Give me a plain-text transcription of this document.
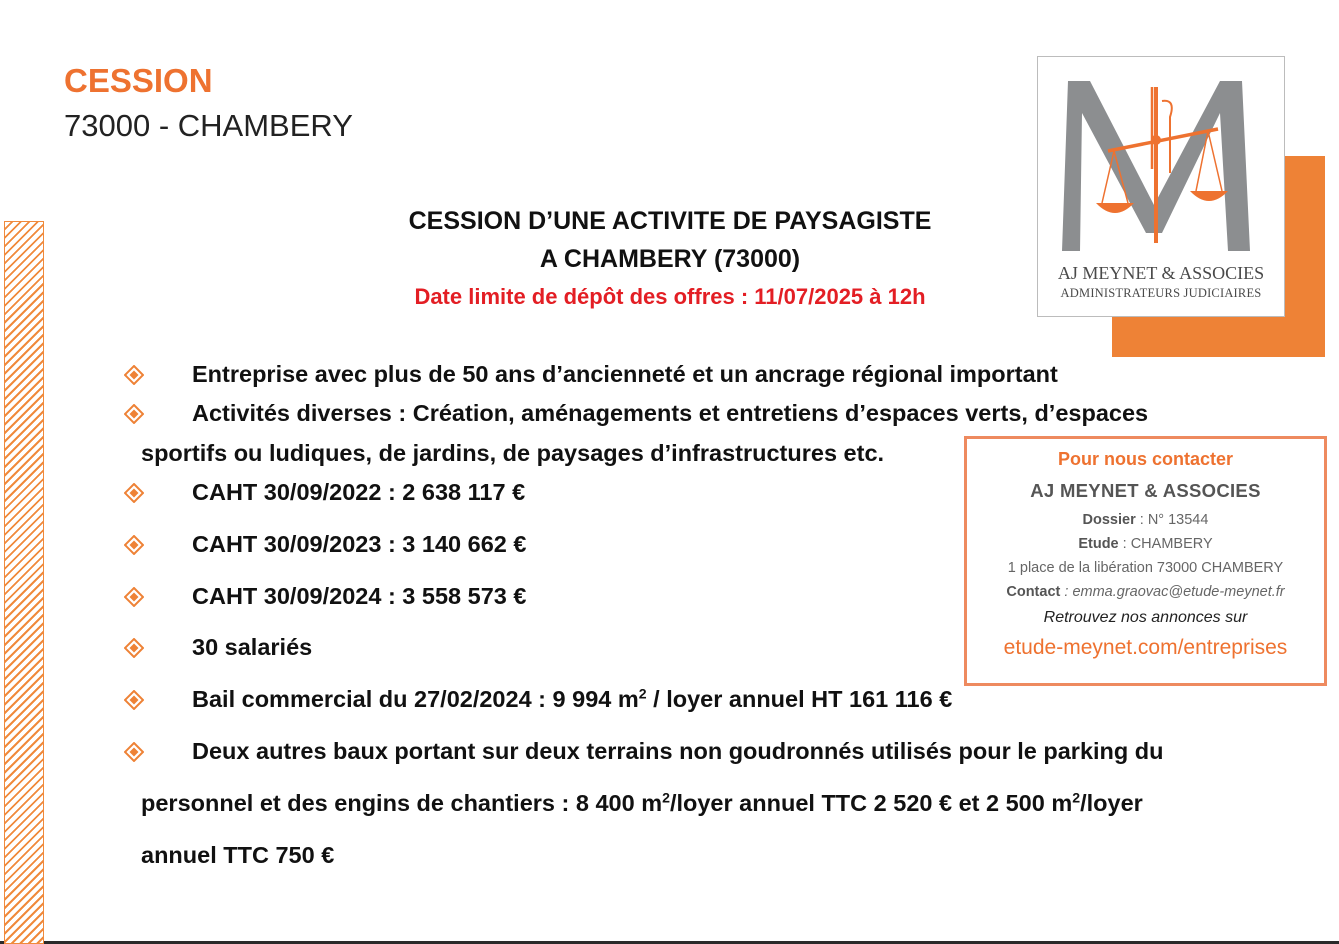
CESSION
73000 - CHAMBERY
AJ MEYNET & ASSOCIES
ADMINISTRATEURS JUDICIAIRES
CESSION D’UNE ACTIVITE DE PAYSAGISTE
A CHAMBERY (73000)
Date limite de dépôt des offres : 11/07/2025 à 12h
Entreprise avec plus de 50 ans d’ancienneté et un ancrage régional important
Activités diverses : Création, aménagements et entretiens d’espaces verts, d’espaces
sportifs ou ludiques, de jardins, de paysages d’infrastructures etc.
CAHT 30/09/2022 : 2 638 117 €
CAHT 30/09/2023 : 3 140 662 €
CAHT 30/09/2024 : 3 558 573 €
30 salariés
Bail commercial du 27/02/2024 : 9 994 $m^2$ / loyer annuel HT 161 116 €
Deux autres baux portant sur deux terrains non goudronnés utilisés pour le parking du
personnel et des engins de chantiers : 8 400 $m^2$/loyer annuel TTC 2 520 € et 2 500 $m^2$/loyer
annuel TTC 750 €
Pour nous contacter
AJ MEYNET & ASSOCIES
Dossier : N° 13544
Etude : CHAMBERY
1 place de la libération 73000 CHAMBERY
Contact : emma.graovac@etude-meynet.fr
Retrouvez nos annonces sur
etude-meynet.com/entreprises
